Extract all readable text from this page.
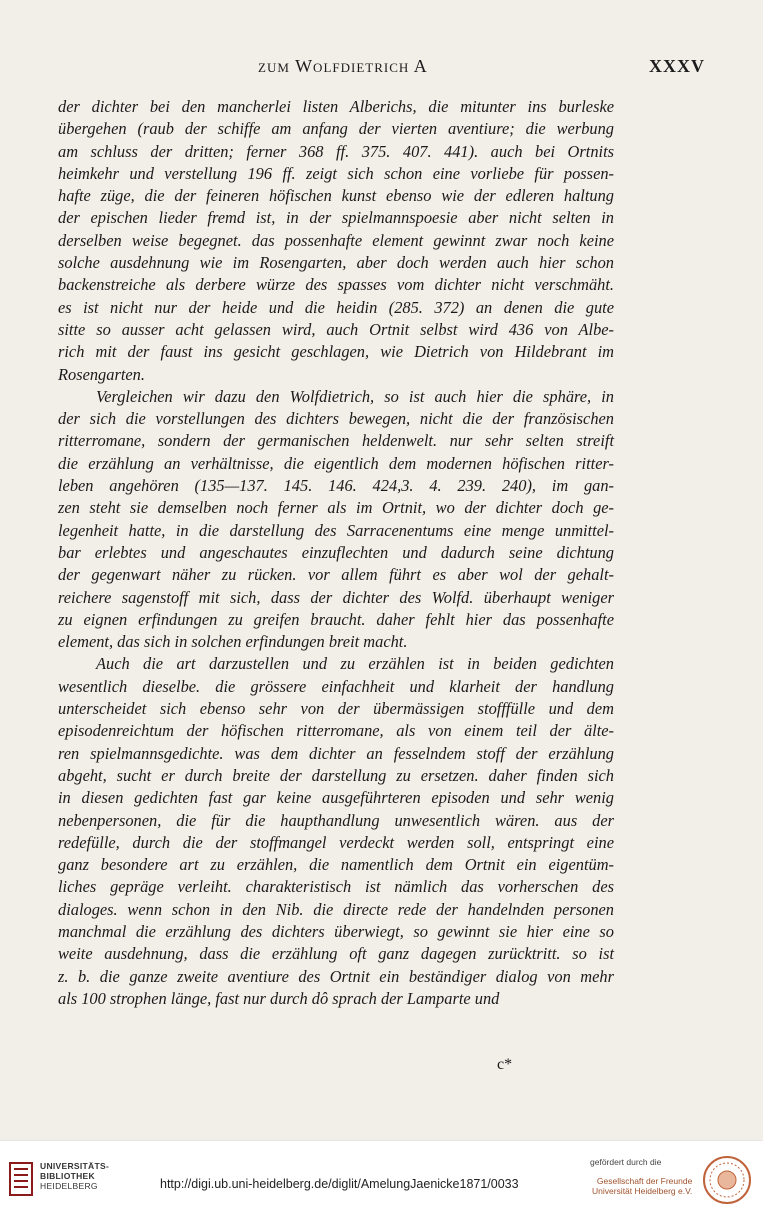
zum Wolfdietrich A	XXXV
der dichter bei den mancherlei listen Alberichs, die mitunter ins burleske
übergehen (raub der schiffe am anfang der vierten aventiure; die werbung
am schluss der dritten; ferner 368 ff. 375. 407. 441). auch bei Ortnits
heimkehr und verstellung 196 ff. zeigt sich schon eine vorliebe für possen-
hafte züge, die der feineren höfischen kunst ebenso wie der edleren haltung
der epischen lieder fremd ist, in der spielmannspoesie aber nicht selten in
derselben weise begegnet. das possenhafte element gewinnt zwar noch keine
solche ausdehnung wie im Rosengarten, aber doch werden auch hier schon
backenstreiche als derbere würze des spasses vom dichter nicht verschmäht.
es ist nicht nur der heide und die heidin (285. 372) an denen die gute
sitte so ausser acht gelassen wird, auch Ortnit selbst wird 436 von Albe-
rich mit der faust ins gesicht geschlagen, wie Dietrich von Hildebrant im
Rosengarten.
Vergleichen wir dazu den Wolfdietrich, so ist auch hier die sphäre, in
der sich die vorstellungen des dichters bewegen, nicht die der französischen
ritterromane, sondern der germanischen heldenwelt. nur sehr selten streift
die erzählung an verhältnisse, die eigentlich dem modernen höfischen ritter-
leben angehören (135—137. 145. 146. 424,3. 4. 239. 240), im gan-
zen steht sie demselben noch ferner als im Ortnit, wo der dichter doch ge-
legenheit hatte, in die darstellung des Sarracenentums eine menge unmittel-
bar erlebtes und angeschautes einzuflechten und dadurch seine dichtung
der gegenwart näher zu rücken. vor allem führt es aber wol der gehalt-
reichere sagenstoff mit sich, dass der dichter des Wolfd. überhaupt weniger
zu eignen erfindungen zu greifen braucht. daher fehlt hier das possenhafte
element, das sich in solchen erfindungen breit macht.
Auch die art darzustellen und zu erzählen ist in beiden gedichten
wesentlich dieselbe. die grössere einfachheit und klarheit der handlung
unterscheidet sich ebenso sehr von der übermässigen stofffülle und dem
episodenreichtum der höfischen ritterromane, als von einem teil der älte-
ren spielmannsgedichte. was dem dichter an fesselndem stoff der erzählung
abgeht, sucht er durch breite der darstellung zu ersetzen. daher finden sich
in diesen gedichten fast gar keine ausgeführteren episoden und sehr wenig
nebenpersonen, die für die haupthandlung unwesentlich wären. aus der
redefülle, durch die der stoffmangel verdeckt werden soll, entspringt eine
ganz besondere art zu erzählen, die namentlich dem Ortnit ein eigentüm-
liches gepräge verleiht. charakteristisch ist nämlich das vorherschen des
dialoges. wenn schon in den Nib. die directe rede der handelnden personen
manchmal die erzählung des dichters überwiegt, so gewinnt sie hier eine so
weite ausdehnung, dass die erzählung oft ganz dagegen zurücktritt. so ist
z. b. die ganze zweite aventiure des Ortnit ein beständiger dialog von mehr
als 100 strophen länge, fast nur durch dô sprach der Lamparte und
c*
UNIVERSITÄTS-
BIBLIOTHEK
HEIDELBERG	http://digi.ub.uni-heidelberg.de/diglit/AmelungJaenicke1871/0033
gefördert durch die
Gesellschaft der Freunde
Universität Heidelberg e.V.
